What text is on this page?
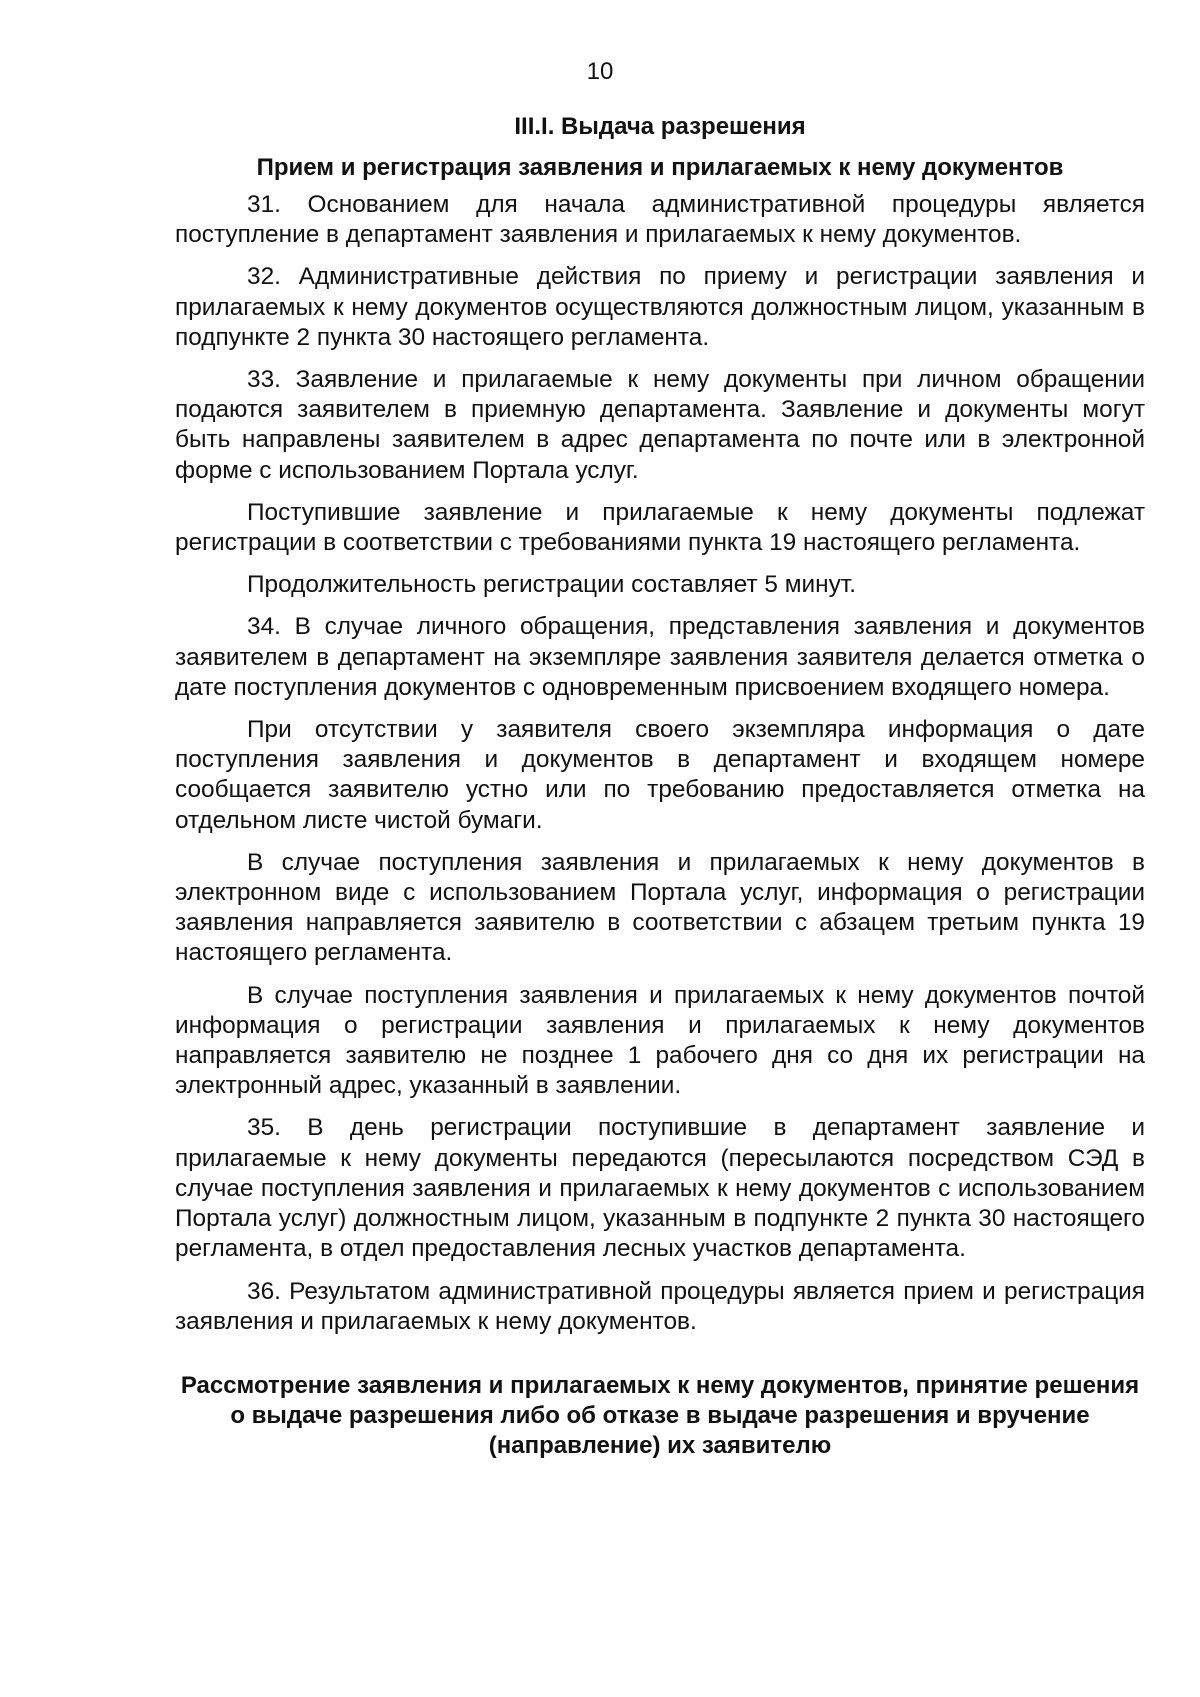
10
III.I. Выдача разрешения
Прием и регистрация заявления и прилагаемых к нему документов

31. Основанием для начала административной процедуры является поступление в департамент заявления и прилагаемых к нему документов.

32. Административные действия по приему и регистрации заявления и прилагаемых к нему документов осуществляются должностным лицом, указанным в подпункте 2 пункта 30 настоящего регламента.

33. Заявление и прилагаемые к нему документы при личном обращении подаются заявителем в приемную департамента. Заявление и документы могут быть направлены заявителем в адрес департамента по почте или в электронной форме с использованием Портала услуг.

Поступившие заявление и прилагаемые к нему документы подлежат регистрации в соответствии с требованиями пункта 19 настоящего регламента.

Продолжительность регистрации составляет 5 минут.

34. В случае личного обращения, представления заявления и документов заявителем в департамент на экземпляре заявления заявителя делается отметка о дате поступления документов с одновременным присвоением входящего номера.

При отсутствии у заявителя своего экземпляра информация о дате поступления заявления и документов в департамент и входящем номере сообщается заявителю устно или по требованию предоставляется отметка на отдельном листе чистой бумаги.

В случае поступления заявления и прилагаемых к нему документов в электронном виде с использованием Портала услуг, информация о регистрации заявления направляется заявителю в соответствии с абзацем третьим пункта 19 настоящего регламента.

В случае поступления заявления и прилагаемых к нему документов почтой информация о регистрации заявления и прилагаемых к нему документов направляется заявителю не позднее 1 рабочего дня со дня их регистрации на электронный адрес, указанный в заявлении.

35. В день регистрации поступившие в департамент заявление и прилагаемые к нему документы передаются (пересылаются посредством СЭД в случае поступления заявления и прилагаемых к нему документов с использованием Портала услуг) должностным лицом, указанным в подпункте 2 пункта 30 настоящего регламента, в отдел предоставления лесных участков департамента.

36. Результатом административной процедуры является прием и регистрация заявления и прилагаемых к нему документов.

Рассмотрение заявления и прилагаемых к нему документов, принятие решения о выдаче разрешения либо об отказе в выдаче разрешения и вручение (направление) их заявителю
